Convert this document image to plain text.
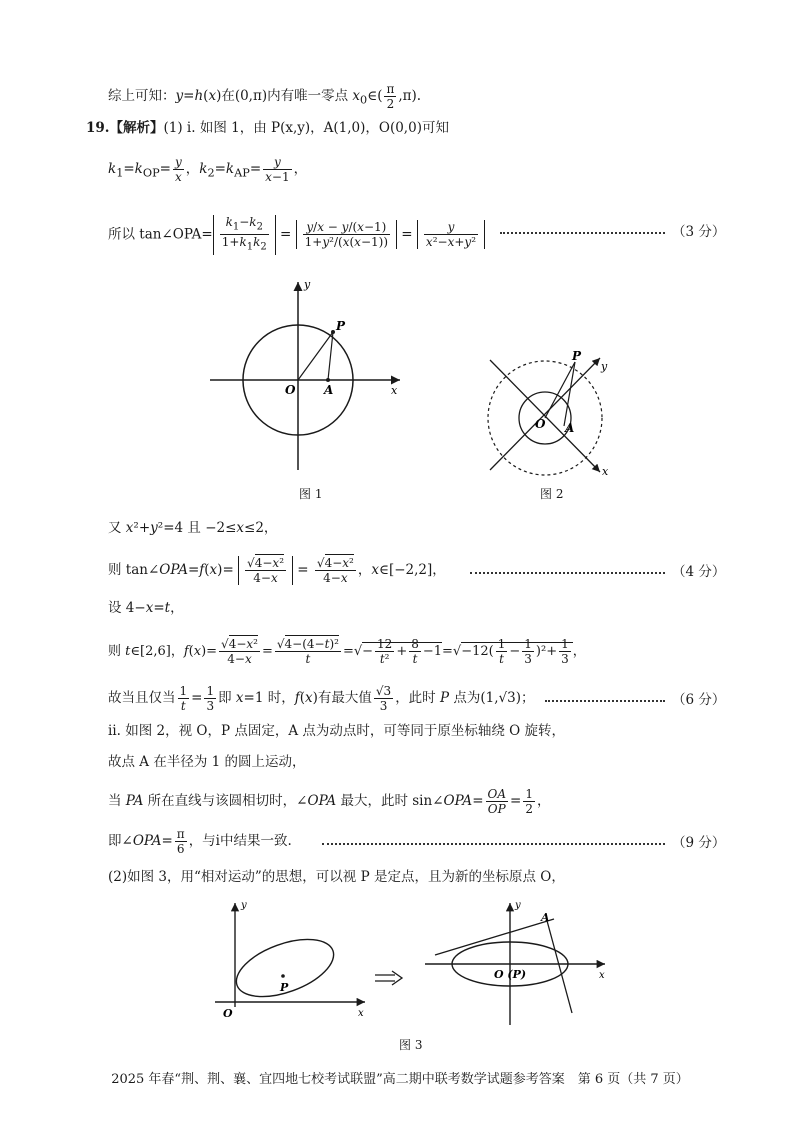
综上可知：y=h(x)在(0,π)内有唯一零点 $x_0\in( \frac{\pi}{2} ,\pi)$.
19.【解析】(1) ⅰ. 如图 1，由 P(x,y)，A(1,0)，O(0,0)可知
$k_1=k_{OP}= \frac{y}{x}$ ，$k_2=k_{AP}= \frac{y}{x-1}$ ，
所以 tan∠OPA= $\frac{k_1-k_2}{1+k_1k_2} = \frac{y/x - y/(x-1)}{\text{1+y²/(x(x−1))}} = \frac{y}{\text{x²−x+y²}}$	（3 分）
P
O A	x
y
图 1
P
O A
y
x
图 2
又 x²+y²=4 且 −2≤x≤2，
则 tan∠OPA=f(x)= $\frac{\text{√4−x²}}{4-x} = \frac{\text{√4−x²}}{4-x}$ ，x∈[−2,2]，	（4 分）
设 4−x=t，
则 t∈[2,6]，$f(x)= \frac{\text{√4−x²}}{4-x} = \frac{\text{√4−(4−t)²}}{t}$ =√− $\frac{12}{\text{t²}} + \frac{8}{t} -1=√-12( \frac{1}{t} - \frac{1}{3} )^2+ \frac{1}{3}$ ，
故当且仅当 $\frac{1}{t} = \frac{1}{3}$ 即 x=1 时，f(x)有最大值 $\frac{√3}{3}$ ，此时 P 点为(1,√3)；	（6 分）
ⅱ. 如图 2，视 O，P 点固定，A 点为动点时，可等同于原坐标轴绕 O 旋转，
故点 A 在半径为 1 的圆上运动，
当 PA 所在直线与该圆相切时，∠OPA 最大，此时 sin∠OPA= $\frac{OA}{OP} = \frac{1}{2}$ ，
即∠OPA= $\frac{\pi}{6}$ ，与ⅰ中结果一致.	（9 分）
(2)如图 3，用“相对运动”的思想，可以视 P 是定点，且为新的坐标原点 O，
P
O	x
y
A
O (P)	x
y
图 3
2025 年春“荆、荆、襄、宜四地七校考试联盟”高二期中联考数学试题参考答案　第 6 页（共 7 页）
